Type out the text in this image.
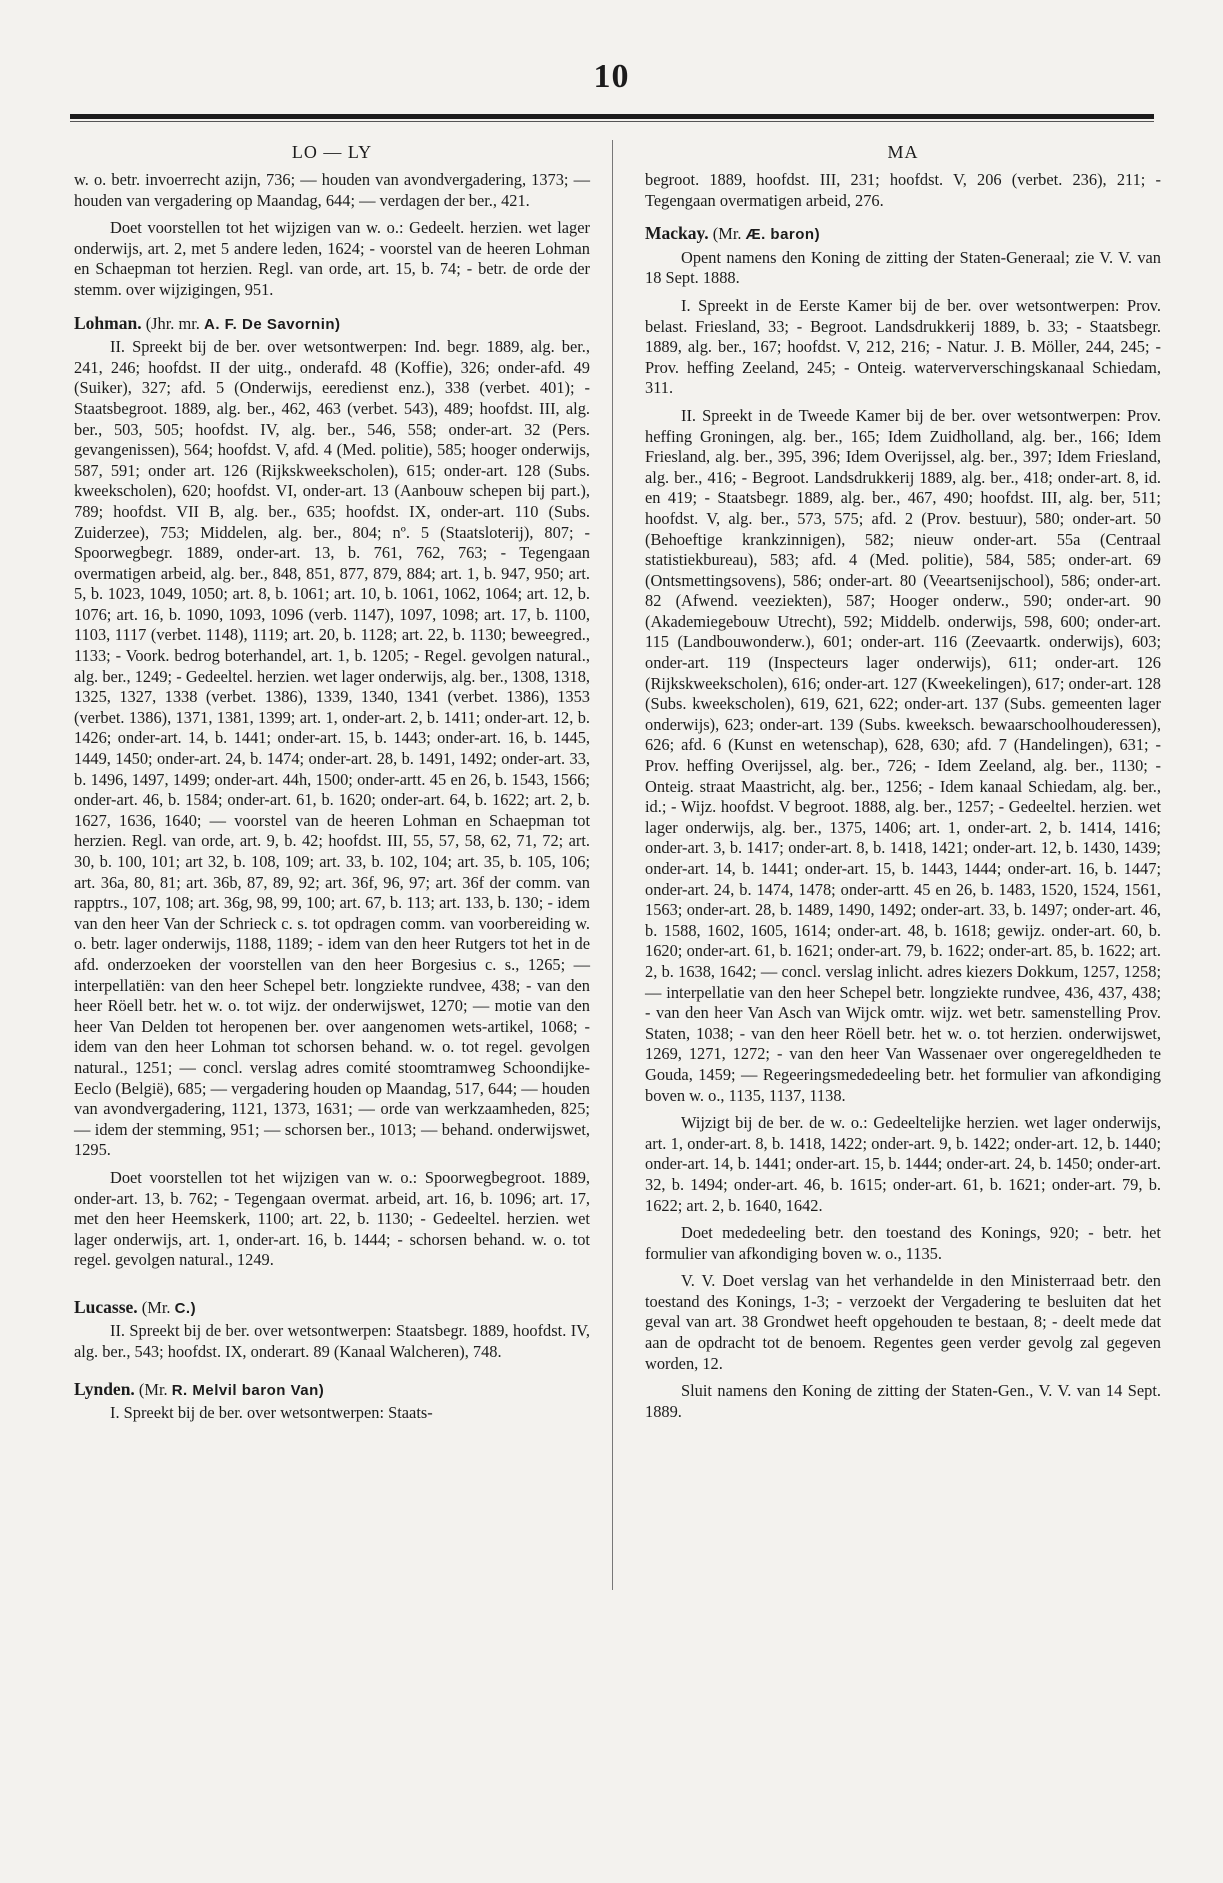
10
LO — LY

w. o. betr. invoerrecht azijn, 736; — houden van avondvergadering, 1373; — houden van vergadering op Maandag, 644; — verdagen der ber., 421.

Doet voorstellen tot het wijzigen van w. o.: Gedeelt. herzien. wet lager onderwijs, art. 2, met 5 andere leden, 1624; - voorstel van de heeren Lohman en Schaepman tot herzien. Regl. van orde, art. 15, b. 74; - betr. de orde der stemm. over wijzigingen, 951.

Lohman. (Jhr. mr. A. F. De Savornin)

II. Spreekt bij de ber. over wetsontwerpen: Ind. begr. 1889, alg. ber., 241, 246; hoofdst. II der uitg., onderafd. 48 (Koffie), 326; onder-afd. 49 (Suiker), 327; afd. 5 (Onderwijs, eeredienst enz.), 338 (verbet. 401); - Staatsbegroot. 1889, alg. ber., 462, 463 (verbet. 543), 489; hoofdst. III, alg. ber., 503, 505; hoofdst. IV, alg. ber., 546, 558; onder-art. 32 (Pers. gevangenissen), 564; hoofdst. V, afd. 4 (Med. politie), 585; hooger onderwijs, 587, 591; onder art. 126 (Rijkskweekscholen), 615; onder-art. 128 (Subs. kweekscholen), 620; hoofdst. VI, onder-art. 13 (Aanbouw schepen bij part.), 789; hoofdst. VII B, alg. ber., 635; hoofdst. IX, onder-art. 110 (Subs. Zuiderzee), 753; Middelen, alg. ber., 804; nº. 5 (Staatsloterij), 807; - Spoorwegbegr. 1889, onder-art. 13, b. 761, 762, 763; - Tegengaan overmatigen arbeid, alg. ber., 848, 851, 877, 879, 884; art. 1, b. 947, 950; art. 5, b. 1023, 1049, 1050; art. 8, b. 1061; art. 10, b. 1061, 1062, 1064; art. 12, b. 1076; art. 16, b. 1090, 1093, 1096 (verb. 1147), 1097, 1098; art. 17, b. 1100, 1103, 1117 (verbet. 1148), 1119; art. 20, b. 1128; art. 22, b. 1130; beweegred., 1133; - Voork. bedrog boterhandel, art. 1, b. 1205; - Regel. gevolgen natural., alg. ber., 1249; - Gedeeltel. herzien. wet lager onderwijs, alg. ber., 1308, 1318, 1325, 1327, 1338 (verbet. 1386), 1339, 1340, 1341 (verbet. 1386), 1353 (verbet. 1386), 1371, 1381, 1399; art. 1, onder-art. 2, b. 1411; onder-art. 12, b. 1426; onder-art. 14, b. 1441; onder-art. 15, b. 1443; onder-art. 16, b. 1445, 1449, 1450; onder-art. 24, b. 1474; onder-art. 28, b. 1491, 1492; onder-art. 33, b. 1496, 1497, 1499; onder-art. 44h, 1500; onder-artt. 45 en 26, b. 1543, 1566; onder-art. 46, b. 1584; onder-art. 61, b. 1620; onder-art. 64, b. 1622; art. 2, b. 1627, 1636, 1640; — voorstel van de heeren Lohman en Schaepman tot herzien. Regl. van orde, art. 9, b. 42; hoofdst. III, 55, 57, 58, 62, 71, 72; art. 30, b. 100, 101; art 32, b. 108, 109; art. 33, b. 102, 104; art. 35, b. 105, 106; art. 36a, 80, 81; art. 36b, 87, 89, 92; art. 36f, 96, 97; art. 36f der comm. van rapptrs., 107, 108; art. 36g, 98, 99, 100; art. 67, b. 113; art. 133, b. 130; - idem van den heer Van der Schrieck c. s. tot opdragen comm. van voorbereiding w. o. betr. lager onderwijs, 1188, 1189; - idem van den heer Rutgers tot het in de afd. onderzoeken der voorstellen van den heer Borgesius c. s., 1265; — interpellatiën: van den heer Schepel betr. longziekte rundvee, 438; - van den heer Röell betr. het w. o. tot wijz. der onderwijswet, 1270; — motie van den heer Van Delden tot heropenen ber. over aangenomen wets-artikel, 1068; - idem van den heer Lohman tot schorsen behand. w. o. tot regel. gevolgen natural., 1251; — concl. verslag adres comité stoomtramweg Schoondijke-Eeclo (België), 685; — vergadering houden op Maandag, 517, 644; — houden van avondvergadering, 1121, 1373, 1631; — orde van werkzaamheden, 825; — idem der stemming, 951; — schorsen ber., 1013; — behand. onderwijswet, 1295.

Doet voorstellen tot het wijzigen van w. o.: Spoorwegbegroot. 1889, onder-art. 13, b. 762; - Tegengaan overmat. arbeid, art. 16, b. 1096; art. 17, met den heer Heemskerk, 1100; art. 22, b. 1130; - Gedeeltel. herzien. wet lager onderwijs, art. 1, onder-art. 16, b. 1444; - schorsen behand. w. o. tot regel. gevolgen natural., 1249.

Lucasse. (Mr. C.)

II. Spreekt bij de ber. over wetsontwerpen: Staatsbegr. 1889, hoofdst. IV, alg. ber., 543; hoofdst. IX, onderart. 89 (Kanaal Walcheren), 748.

Lynden. (Mr. R. Melvil baron Van)

I. Spreekt bij de ber. over wetsontwerpen: Staats-

MA

begroot. 1889, hoofdst. III, 231; hoofdst. V, 206 (verbet. 236), 211; - Tegengaan overmatigen arbeid, 276.

Mackay. (Mr. Æ. baron)

Opent namens den Koning de zitting der Staten-Generaal; zie V. V. van 18 Sept. 1888.

I. Spreekt in de Eerste Kamer bij de ber. over wetsontwerpen: Prov. belast. Friesland, 33; - Begroot. Landsdrukkerij 1889, b. 33; - Staatsbegr. 1889, alg. ber., 167; hoofdst. V, 212, 216; - Natur. J. B. Möller, 244, 245; - Prov. heffing Zeeland, 245; - Onteig. waterververschingskanaal Schiedam, 311.

II. Spreekt in de Tweede Kamer bij de ber. over wetsontwerpen: Prov. heffing Groningen, alg. ber., 165; Idem Zuidholland, alg. ber., 166; Idem Friesland, alg. ber., 395, 396; Idem Overijssel, alg. ber., 397; Idem Friesland, alg. ber., 416; - Begroot. Landsdrukkerij 1889, alg. ber., 418; onder-art. 8, id. en 419; - Staatsbegr. 1889, alg. ber., 467, 490; hoofdst. III, alg. ber, 511; hoofdst. V, alg. ber., 573, 575; afd. 2 (Prov. bestuur), 580; onder-art. 50 (Behoeftige krankzinnigen), 582; nieuw onder-art. 55a (Centraal statistiekbureau), 583; afd. 4 (Med. politie), 584, 585; onder-art. 69 (Ontsmettingsovens), 586; onder-art. 80 (Veeartsenijschool), 586; onder-art. 82 (Afwend. veeziekten), 587; Hooger onderw., 590; onder-art. 90 (Akademiegebouw Utrecht), 592; Middelb. onderwijs, 598, 600; onder-art. 115 (Landbouwonderw.), 601; onder-art. 116 (Zeevaartk. onderwijs), 603; onder-art. 119 (Inspecteurs lager onderwijs), 611; onder-art. 126 (Rijkskweekscholen), 616; onder-art. 127 (Kweekelingen), 617; onder-art. 128 (Subs. kweekscholen), 619, 621, 622; onder-art. 137 (Subs. gemeenten lager onderwijs), 623; onder-art. 139 (Subs. kweeksch. bewaarschoolhouderessen), 626; afd. 6 (Kunst en wetenschap), 628, 630; afd. 7 (Handelingen), 631; - Prov. heffing Overijssel, alg. ber., 726; - Idem Zeeland, alg. ber., 1130; - Onteig. straat Maastricht, alg. ber., 1256; - Idem kanaal Schiedam, alg. ber., id.; - Wijz. hoofdst. V begroot. 1888, alg. ber., 1257; - Gedeeltel. herzien. wet lager onderwijs, alg. ber., 1375, 1406; art. 1, onder-art. 2, b. 1414, 1416; onder-art. 3, b. 1417; onder-art. 8, b. 1418, 1421; onder-art. 12, b. 1430, 1439; onder-art. 14, b. 1441; onder-art. 15, b. 1443, 1444; onder-art. 16, b. 1447; onder-art. 24, b. 1474, 1478; onder-artt. 45 en 26, b. 1483, 1520, 1524, 1561, 1563; onder-art. 28, b. 1489, 1490, 1492; onder-art. 33, b. 1497; onder-art. 46, b. 1588, 1602, 1605, 1614; onder-art. 48, b. 1618; gewijz. onder-art. 60, b. 1620; onder-art. 61, b. 1621; onder-art. 79, b. 1622; onder-art. 85, b. 1622; art. 2, b. 1638, 1642; — concl. verslag inlicht. adres kiezers Dokkum, 1257, 1258; — interpellatie van den heer Schepel betr. longziekte rundvee, 436, 437, 438; - van den heer Van Asch van Wijck omtr. wijz. wet betr. samenstelling Prov. Staten, 1038; - van den heer Röell betr. het w. o. tot herzien. onderwijswet, 1269, 1271, 1272; - van den heer Van Wassenaer over ongeregeldheden te Gouda, 1459; — Regeeringsmededeeling betr. het formulier van afkondiging boven w. o., 1135, 1137, 1138.

Wijzigt bij de ber. de w. o.: Gedeeltelijke herzien. wet lager onderwijs, art. 1, onder-art. 8, b. 1418, 1422; onder-art. 9, b. 1422; onder-art. 12, b. 1440; onder-art. 14, b. 1441; onder-art. 15, b. 1444; onder-art. 24, b. 1450; onder-art. 32, b. 1494; onder-art. 46, b. 1615; onder-art. 61, b. 1621; onder-art. 79, b. 1622; art. 2, b. 1640, 1642.

Doet mededeeling betr. den toestand des Konings, 920; - betr. het formulier van afkondiging boven w. o., 1135.

V. V. Doet verslag van het verhandelde in den Ministerraad betr. den toestand des Konings, 1-3; - verzoekt der Vergadering te besluiten dat het geval van art. 38 Grondwet heeft opgehouden te bestaan, 8; - deelt mede dat aan de opdracht tot de benoem. Regentes geen verder gevolg zal gegeven worden, 12.

Sluit namens den Koning de zitting der Staten-Gen., V. V. van 14 Sept. 1889.
